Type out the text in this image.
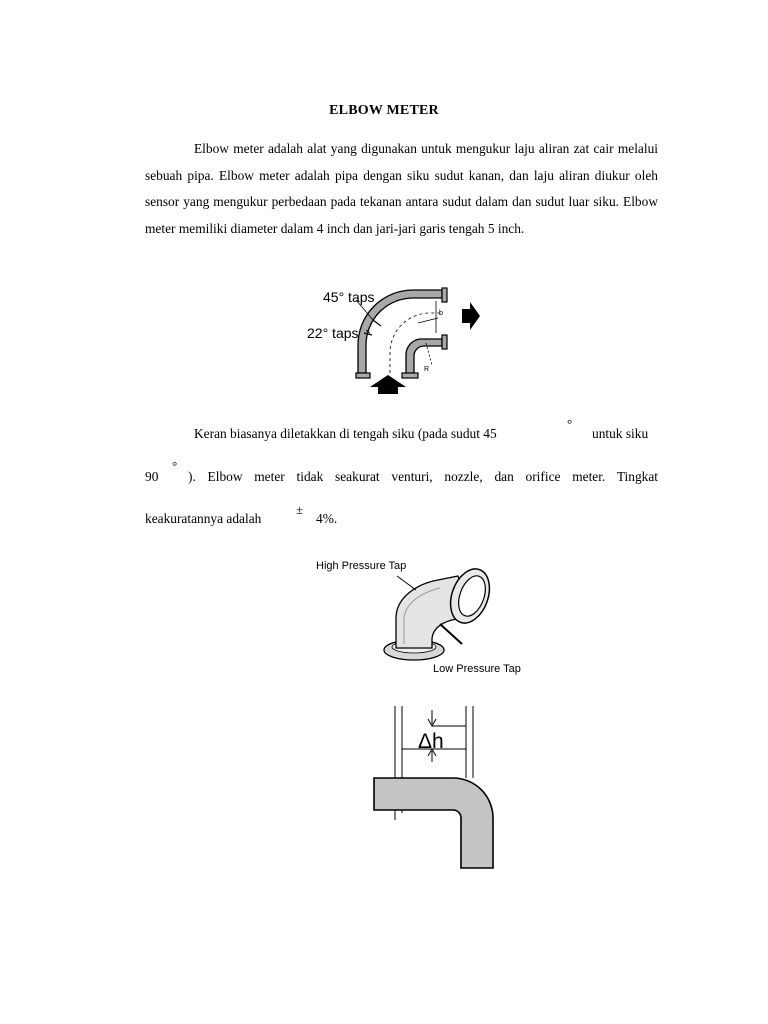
ELBOW METER
Elbow meter adalah alat yang digunakan untuk mengukur laju aliran zat cair melalui sebuah pipa. Elbow meter adalah pipa dengan siku sudut kanan, dan laju aliran diukur oleh sensor yang mengukur perbedaan pada tekanan antara sudut dalam dan sudut luar siku. Elbow meter memiliki diameter dalam 4 inch dan jari-jari garis tengah 5 inch.
b
R
45° taps
22° taps
Keran biasanya diletakkan di tengah siku (pada sudut 45
°
untuk siku
90
°
). Elbow meter tidak seakurat venturi, nozzle, dan orifice meter. Tingkat
keakuratannya adalah
±
4%.
High Pressure Tap
Low Pressure Tap
Δh
